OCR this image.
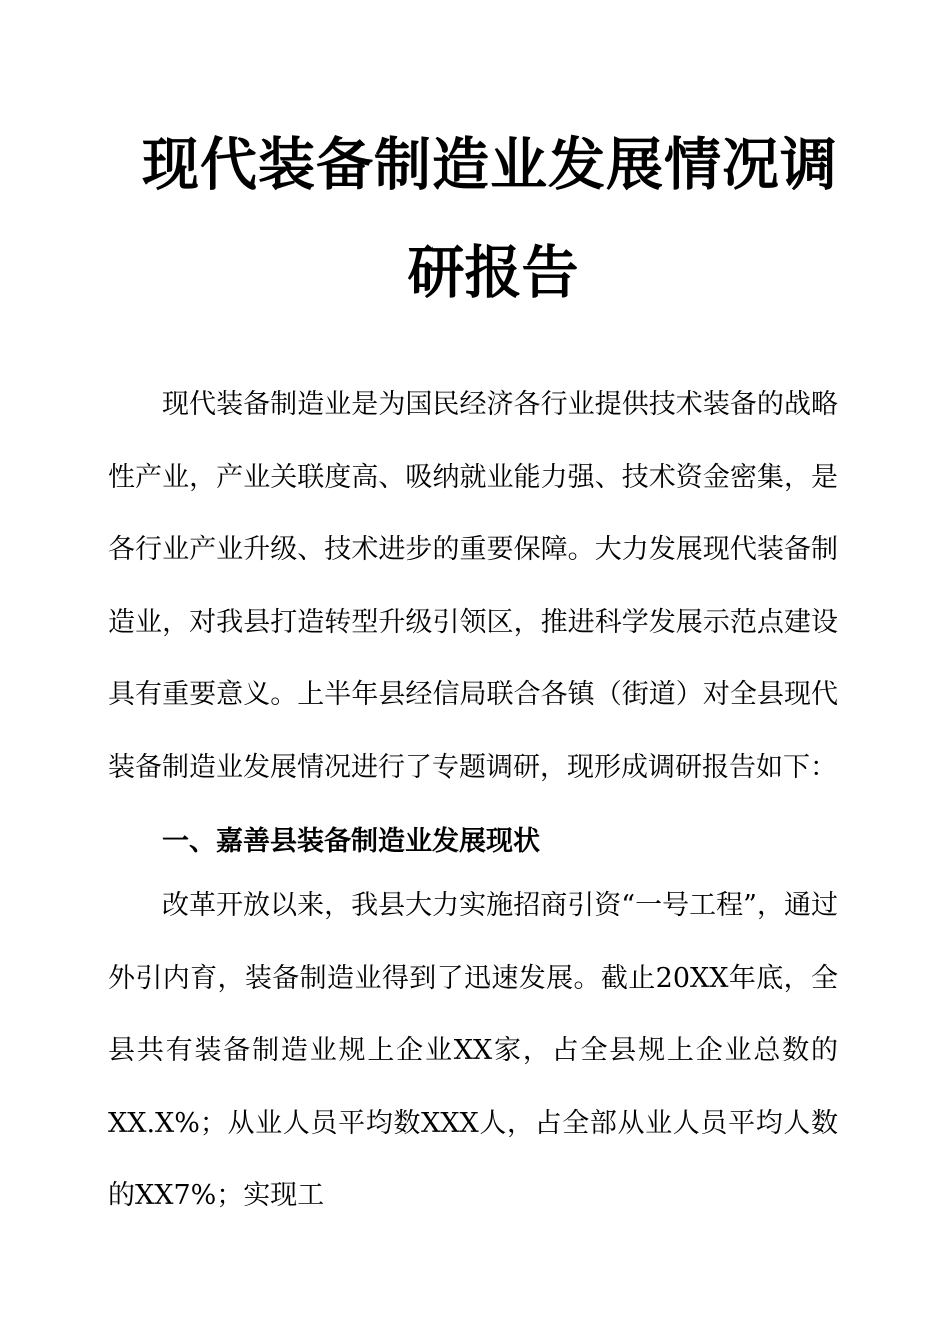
现代装备制造业发展情况调
研报告

现代装备制造业是为国民经济各行业提供技术装备的战略性产业，产业关联度高、吸纳就业能力强、技术资金密集，是各行业产业升级、技术进步的重要保障。大力发展现代装备制造业，对我县打造转型升级引领区，推进科学发展示范点建设具有重要意义。上半年县经信局联合各镇（街道）对全县现代装备制造业发展情况进行了专题调研，现形成调研报告如下：

一、嘉善县装备制造业发展现状

改革开放以来，我县大力实施招商引资“一号工程”，通过外引内育，装备制造业得到了迅速发展。截止20XX年底，全县共有装备制造业规上企业XX家，占全县规上企业总数的XX.X%；从业人员平均数XXX人，占全部从业人员平均人数的XX7%；实现工
